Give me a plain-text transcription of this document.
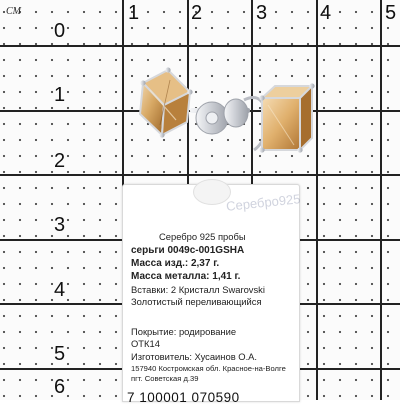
CM	1	2	3	4	5
0
1
2
3
4
5
6
Серебро 925 пробы
серьги 0049с-001GSHA
Масса изд.: 2,37 г.
Масса металла: 1,41 г.
Вставки: 2 Кристалл Swarovski
Золотистый переливающийся
Покрытие: родирование
ОТК14
Изготовитель: Хусаинов О.А.
157940 Костромская обл. Красное-на-Волге
пгт. Советская д.39
7 100001 070590
Серебро925
